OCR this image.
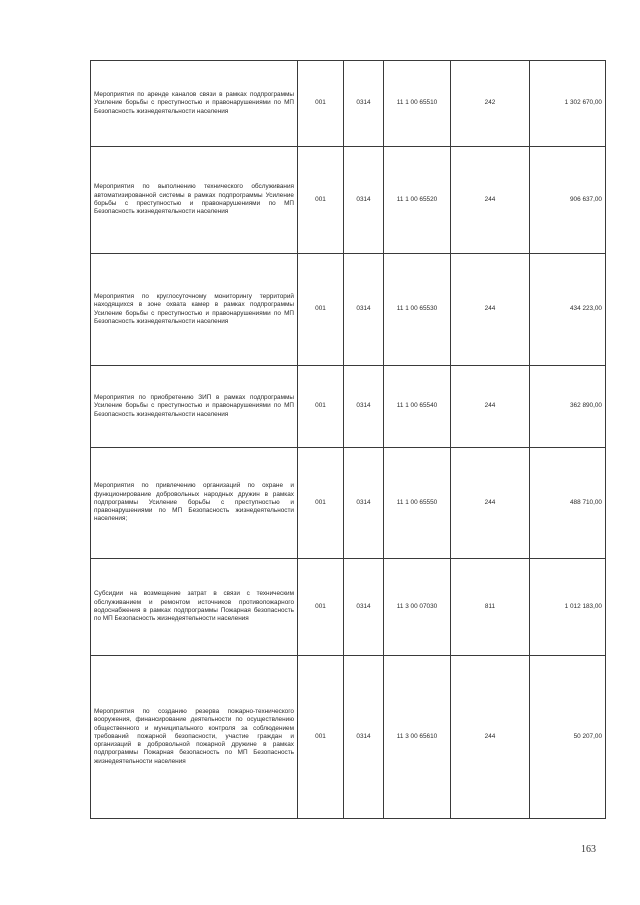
Мероприятия по аренде каналов связи в рамках подпрограммы Усиление борьбы с преступностью и правонарушениями по МП Безопасность жизнедеятельности населения	001	0314	11 1 00 65510	242	1 302 670,00
Мероприятия по выполнению технического обслуживания автоматизированной системы в рамках подпрограммы Усиление борьбы с преступностью и правонарушениями по МП Безопасность жизнедеятельности населения	001	0314	11 1 00 65520	244	906 637,00
Мероприятия по круглосуточному мониторингу территорий находящихся в зоне охвата камер в рамках подпрограммы Усиление борьбы с преступностью и правонарушениями по МП Безопасность жизнедеятельности населения	001	0314	11 1 00 65530	244	434 223,00
Мероприятия по приобретению ЗИП в рамках подпрограммы Усиление борьбы с преступностью и правонарушениями по МП Безопасность жизнедеятельности населения	001	0314	11 1 00 65540	244	362 890,00
Мероприятия по привлечению организаций по охране и функционирование добровольных народных дружин в рамках подпрограммы Усиление борьбы с преступностью и правонарушениями по МП Безопасность жизнедеятельности населения;	001	0314	11 1 00 65550	244	488 710,00
Субсидии на возмещение затрат в связи с техническим обслуживанием и ремонтом источников противопожарного водоснабжения в рамках подпрограммы Пожарная безопасность по МП Безопасность жизнедеятельности населения	001	0314	11 3 00 07030	811	1 012 183,00
Мероприятия по созданию резерва пожарно-технического вооружения, финансирование деятельности по осуществлению общественного и муниципального контроля за соблюдением требований пожарной безопасности, участие граждан и организаций в добровольной пожарной дружине в рамках подпрограммы Пожарная безопасность по МП Безопасность жизнедеятельности населения	001	0314	11 3 00 65610	244	50 207,00
163
